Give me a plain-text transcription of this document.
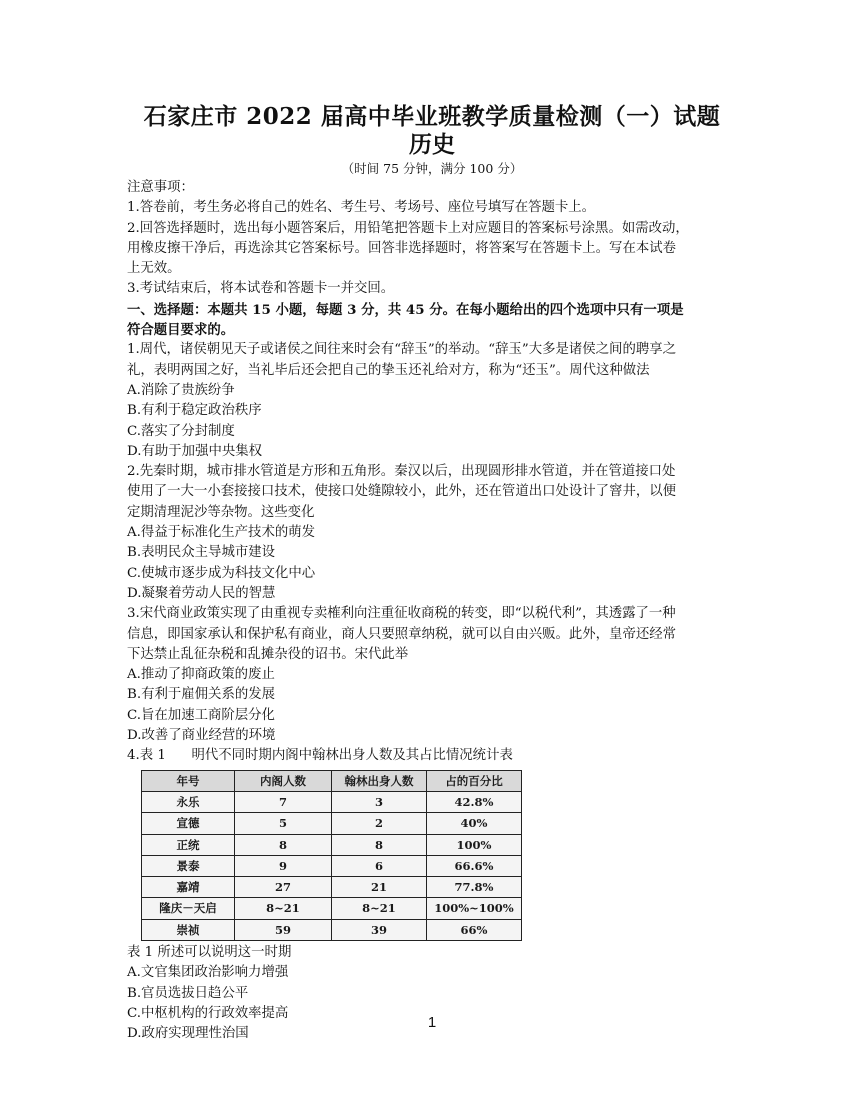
石家庄市 2022 届高中毕业班教学质量检测（一）试题
历史
（时间 75 分钟，满分 100 分）

注意事项：

1.答卷前，考生务必将自己的姓名、考生号、考场号、座位号填写在答题卡上。

2.回答选择题时，选出每小题答案后，用铅笔把答题卡上对应题目的答案标号涂黑。如需改动，

用橡皮擦干净后，再选涂其它答案标号。回答非选择题时，将答案写在答题卡上。写在本试卷

上无效。

3.考试结束后，将本试卷和答题卡一并交回。

一、选择题：本题共 15 小题，每题 3 分，共 45 分。在每小题给出的四个选项中只有一项是

符合题目要求的。

1.周代，诸侯朝见天子或诸侯之间往来时会有“辞玉”的举动。“辞玉”大多是诸侯之间的聘享之

礼，表明两国之好，当礼毕后还会把自己的挚玉还礼给对方，称为“还玉”。周代这种做法

A.消除了贵族纷争

B.有利于稳定政治秩序

C.落实了分封制度

D.有助于加强中央集权

2.先秦时期，城市排水管道是方形和五角形。秦汉以后，出现圆形排水管道，并在管道接口处

使用了一大一小套接接口技术，使接口处缝隙较小，此外，还在管道出口处设计了窨井，以便

定期清理泥沙等杂物。这些变化

A.得益于标准化生产技术的萌发

B.表明民众主导城市建设

C.使城市逐步成为科技文化中心

D.凝聚着劳动人民的智慧

3.宋代商业政策实现了由重视专卖榷利向注重征收商税的转变，即“以税代利”，其透露了一种

信息，即国家承认和保护私有商业，商人只要照章纳税，就可以自由兴贩。此外，皇帝还经常

下达禁止乱征杂税和乱摊杂役的诏书。宋代此举

A.推动了抑商政策的废止

B.有利于雇佣关系的发展

C.旨在加速工商阶层分化

D.改善了商业经营的环境

4.表 1      明代不同时期内阁中翰林出身人数及其占比情况统计表

年号	内阁人数	翰林出身人数	占的百分比
永乐	7	3	42.8%
宣德	5	2	40%
正统	8	8	100%
景泰	9	6	66.6%
嘉靖	27	21	77.8%
隆庆－天启	8~21	8~21	100%~100%
崇祯	59	39	66%

表 1 所述可以说明这一时期

A.文官集团政治影响力增强

B.官员选拔日趋公平

C.中枢机构的行政效率提高

D.政府实现理性治国

1
